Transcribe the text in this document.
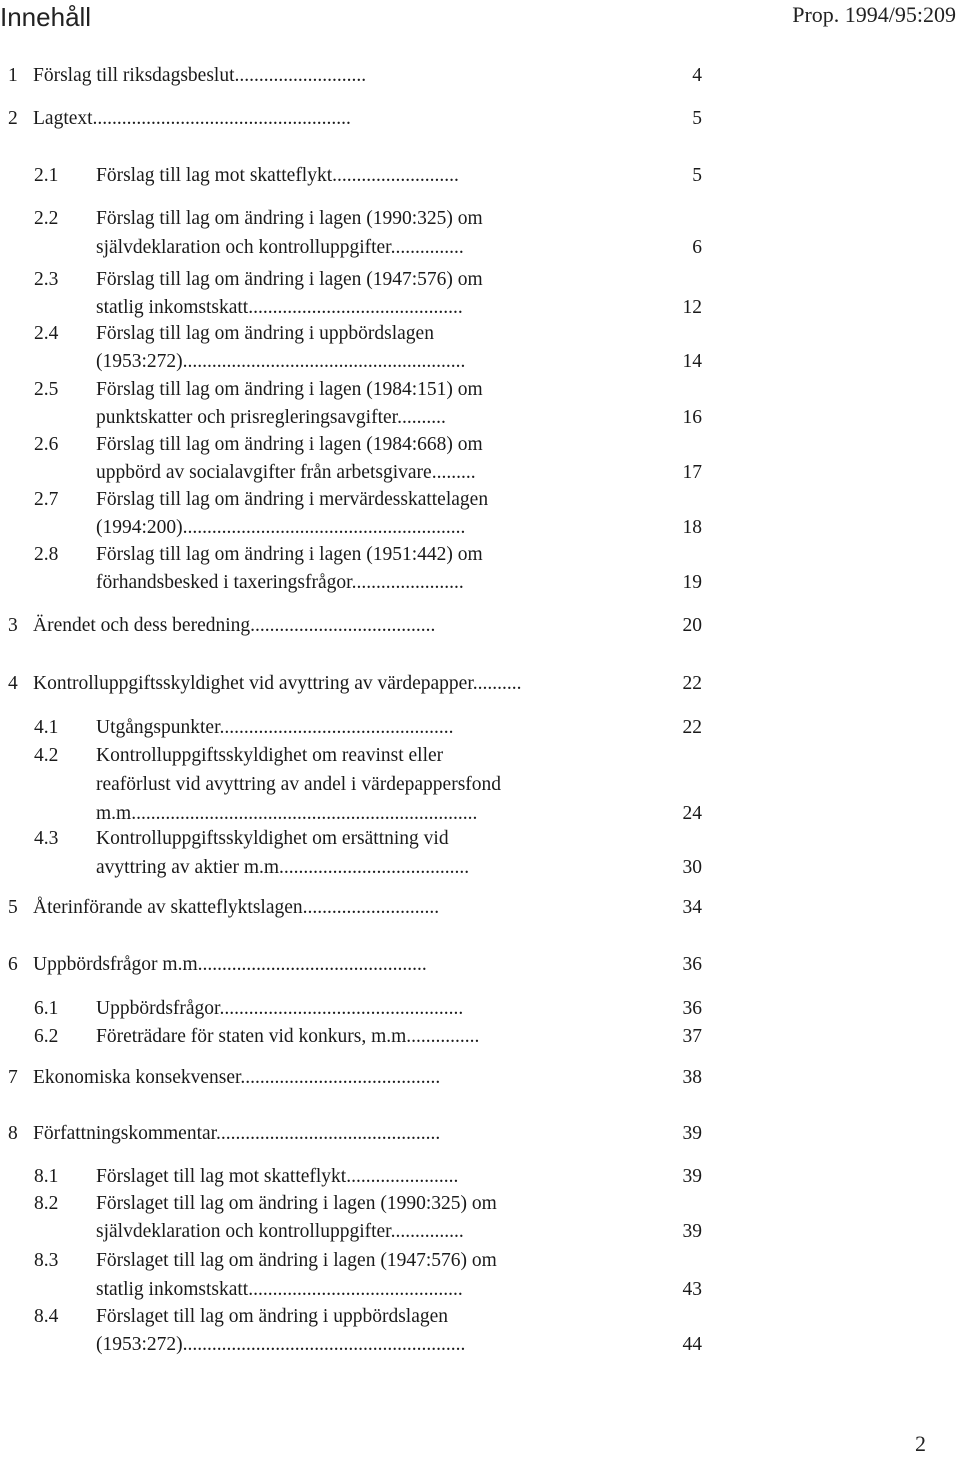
Innehåll	Prop. 1994/95:209
1 Förslag till riksdagsbeslut...........................	4
2 Lagtext.....................................................	5
2.1 Förslag till lag mot skatteflykt..........................	5
2.2 Förslag till lag om ändring i lagen (1990:325) om
självdeklaration och kontrolluppgifter...............	6
2.3 Förslag till lag om ändring i lagen (1947:576) om
statlig inkomstskatt............................................	12
2.4 Förslag till lag om ändring i uppbördslagen
(1953:272)..........................................................	14
2.5 Förslag till lag om ändring i lagen (1984:151) om
punktskatter och prisregleringsavgifter..........	16
2.6 Förslag till lag om ändring i lagen (1984:668) om
uppbörd av socialavgifter från arbetsgivare.........	17
2.7 Förslag till lag om ändring i mervärdesskattelagen
(1994:200)..........................................................	18
2.8 Förslag till lag om ändring i lagen (1951:442) om
förhandsbesked i taxeringsfrågor.......................	19
3 Ärendet och dess beredning......................................	20
4 Kontrolluppgiftsskyldighet vid avyttring av värdepapper..........	22
4.1 Utgångspunkter................................................	22
4.2 Kontrolluppgiftsskyldighet om reavinst eller
reaförlust vid avyttring av andel i värdepappersfond
m.m.......................................................................	24
4.3 Kontrolluppgiftsskyldighet om ersättning vid
avyttring av aktier m.m.......................................	30
5 Återinförande av skatteflyktslagen............................	34
6 Uppbördsfrågor m.m...............................................	36
6.1 Uppbördsfrågor..................................................	36
6.2 Företrädare för staten vid konkurs, m.m...............	37
7 Ekonomiska konsekvenser.........................................	38
8 Författningskommentar..............................................	39
8.1 Förslaget till lag mot skatteflykt.......................	39
8.2 Förslaget till lag om ändring i lagen (1990:325) om
självdeklaration och kontrolluppgifter...............	39
8.3 Förslaget till lag om ändring i lagen (1947:576) om
statlig inkomstskatt............................................	43
8.4 Förslaget till lag om ändring i uppbördslagen
(1953:272)..........................................................	44
2
